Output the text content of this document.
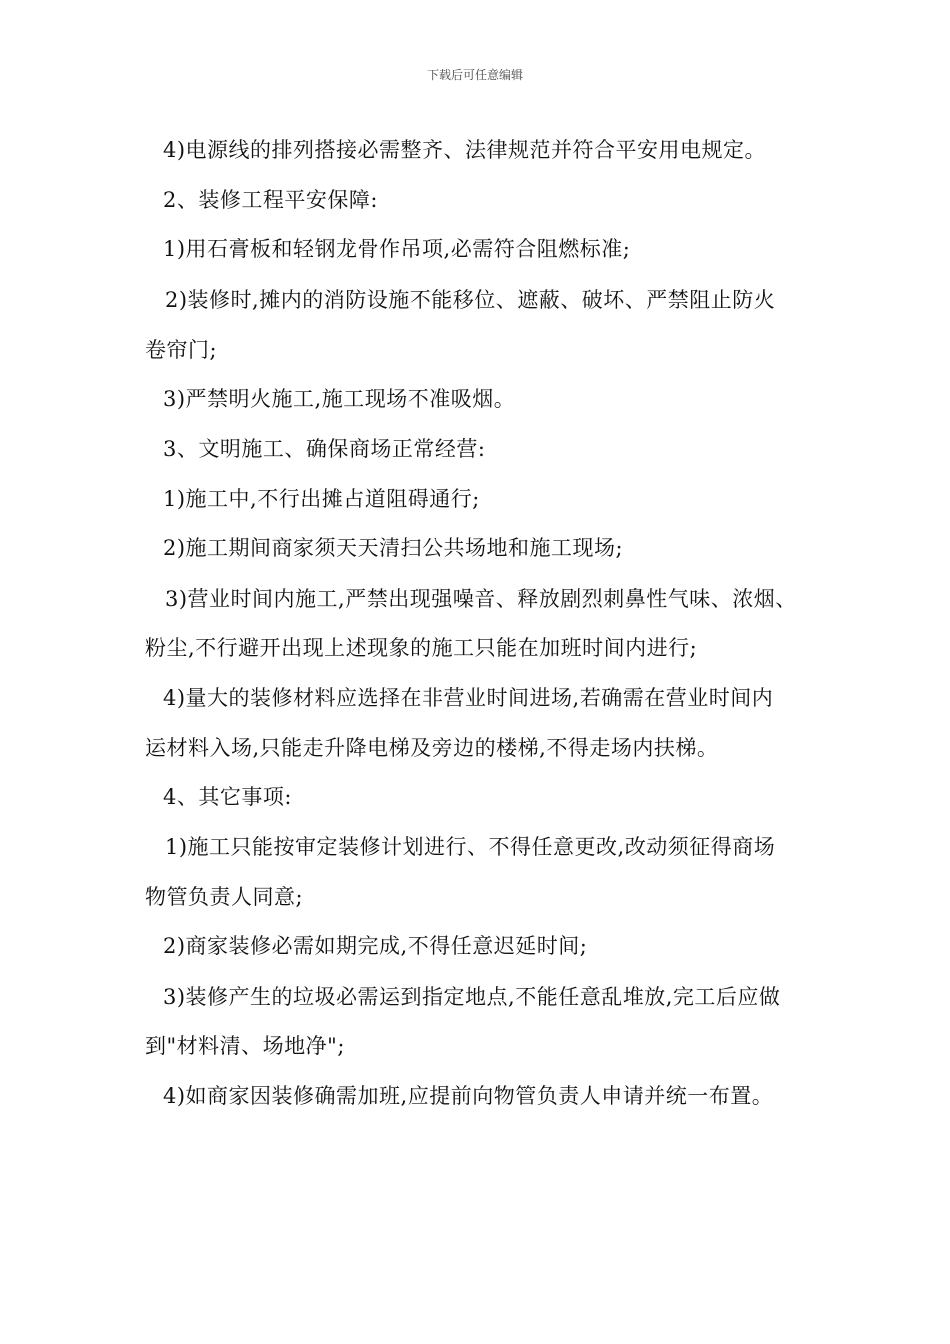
下载后可任意编辑
4)电源线的排列搭接必需整齐、法律规范并符合平安用电规定。
2、装修工程平安保障:
1)用石膏板和轻钢龙骨作吊项,必需符合阻燃标准;
2)装修时,摊内的消防设施不能移位、遮蔽、破坏、严禁阻止防火
卷帘门;
3)严禁明火施工,施工现场不准吸烟。
3、文明施工、确保商场正常经营:
1)施工中,不行出摊占道阻碍通行;
2)施工期间商家须天天清扫公共场地和施工现场;
3)营业时间内施工,严禁出现强噪音、释放剧烈刺鼻性气味、浓烟、
粉尘,不行避开出现上述现象的施工只能在加班时间内进行;
4)量大的装修材料应选择在非营业时间进场,若确需在营业时间内
运材料入场,只能走升降电梯及旁边的楼梯,不得走场内扶梯。
4、其它事项:
1)施工只能按审定装修计划进行、不得任意更改,改动须征得商场
物管负责人同意;
2)商家装修必需如期完成,不得任意迟延时间;
3)装修产生的垃圾必需运到指定地点,不能任意乱堆放,完工后应做
到"材料清、场地净";
4)如商家因装修确需加班,应提前向物管负责人申请并统一布置。
